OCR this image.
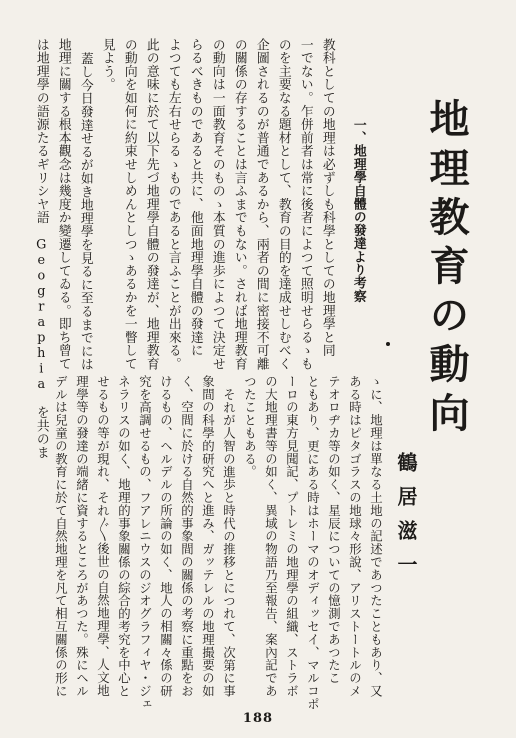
地理教育の動向
鶴居滋一
一、地理學自體の發達より考察
教科としての地理は必ずしも科學としての地理學と同
一でない。乍併前者は常に後者によつて照明せらるゝも
のを主要なる題材として、教育の目的を達成せしむべく
企圖されるのが普通であるから、兩者の間に密接不可離
の關係の存することは言ふまでもない。されば地理教育
の動向は一面教育そのものゝ本質の進歩によつて決定せ
らるべきものであると共に、他面地理學自體の發達に
よつても左右せらるゝものであると言ふことが出來る。
此の意味に於て以下先づ地理學自體の發達が、地理教育
の動向を如何に約束せしめんとしつゝあるかを一瞥して
見よう。
蓋し今日發達せるが如き地理學を見るに至るまでには
地理に關する根本觀念は幾度か變遷してゐる。即ち曾て
は地理學の語源たるギリシヤ語　Geographia　を共のま
ゝに、地理は單なる土地の記述であつたこともあり、又
ある時はピタゴラスの地球々形說、アリストートルのメ
テオロヂカ等の如く、星辰についての憶測であつたこ
ともあり、更にある時はホーマのオディッセイ、マルコポ
ーロの東方見聞記、プトレミの地理學の組織、ストラボ
の大地理書等の如く、異域の物語乃至報告、案內記であ
つたこともある。
それが人智の進歩と時代の推移とにつれて、次第に事
象間の科學的研究へと進み、ガッテレルの地理撮要の如
く、空間に於ける自然的事象間の關係の考察に重點をお
けるもの、ヘルデルの所論の如く、地人の相關々係の研
究を高調せるもの、フアレニウスのジオグラフィヤ・ジェ
ネラリスの如く、地理的事象關係の綜合的考究を中心と
せるもの等が現れ、それ〲後世の自然地理學、人文地
理學等の發達の端緒に資するところがあつた。殊にヘル
デルは兒童の教育に於て自然地理を凡て相互關係の形に
188
